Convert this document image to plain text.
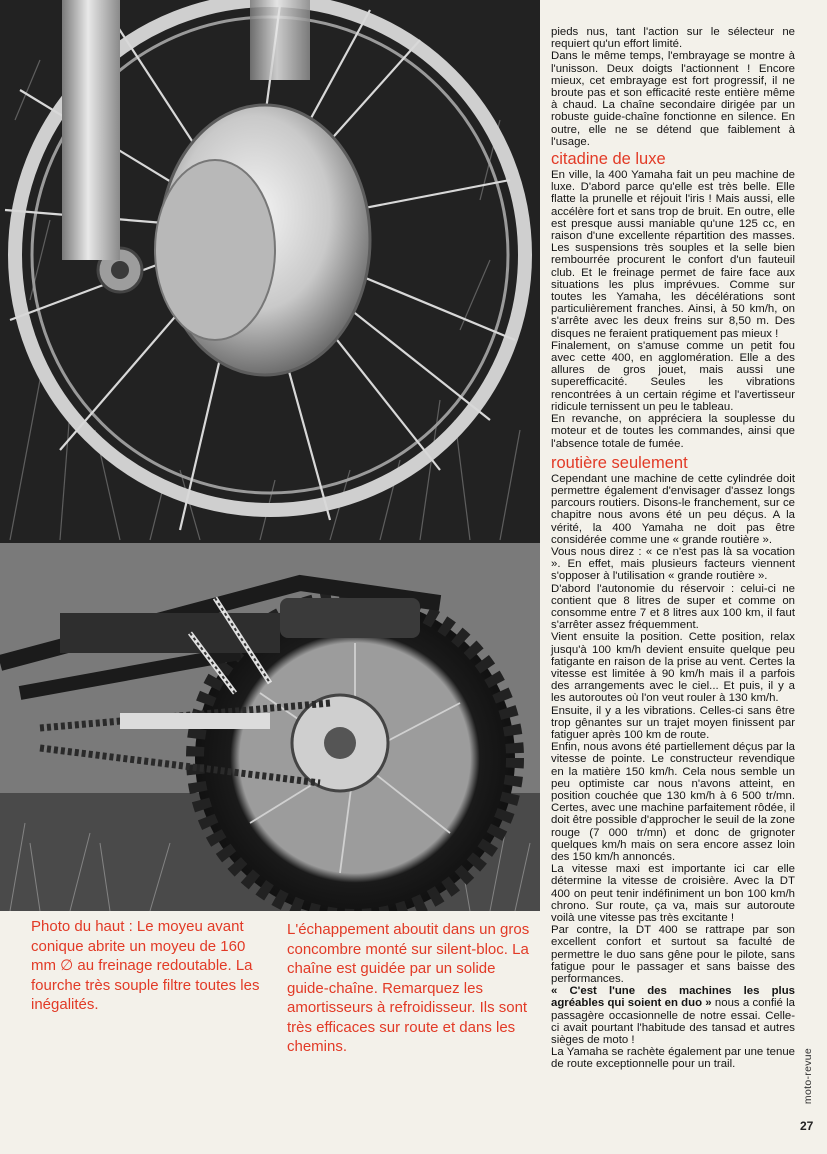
pieds nus, tant l'action sur le sélecteur ne requiert qu'un effort limité.

Dans le même temps, l'embrayage se montre à l'unisson. Deux doigts l'actionnent ! Encore mieux, cet embrayage est fort progressif, il ne broute pas et son efficacité reste entière même à chaud. La chaîne secondaire dirigée par un robuste guide-chaîne fonctionne en silence. En outre, elle ne se détend que faiblement à l'usage.

citadine de luxe

En ville, la 400 Yamaha fait un peu machine de luxe. D'abord parce qu'elle est très belle. Elle flatte la prunelle et réjouit l'iris ! Mais aussi, elle accélère fort et sans trop de bruit. En outre, elle est presque aussi maniable qu'une 125 cc, en raison d'une excellente répartition des masses. Les suspensions très souples et la selle bien rembourrée procurent le confort d'un fauteuil club. Et le freinage permet de faire face aux situations les plus imprévues. Comme sur toutes les Yamaha, les décélérations sont particulièrement franches. Ainsi, à 50 km/h, on s'arrête avec les deux freins sur 8,50 m. Des disques ne feraient pratiquement pas mieux !

Finalement, on s'amuse comme un petit fou avec cette 400, en agglomération. Elle a des allures de gros jouet, mais aussi une superefficacité. Seules les vibrations rencontrées à un certain régime et l'avertisseur ridicule ternissent un peu le tableau.

En revanche, on appréciera la souplesse du moteur et de toutes les commandes, ainsi que l'absence totale de fumée.

routière seulement

Cependant une machine de cette cylindrée doit permettre également d'envisager d'assez longs parcours routiers. Disons-le franchement, sur ce chapitre nous avons été un peu déçus. A la vérité, la 400 Yamaha ne doit pas être considérée comme une « grande routière ».

Vous nous direz : « ce n'est pas là sa vocation ». En effet, mais plusieurs facteurs viennent s'opposer à l'utilisation « grande routière ».

D'abord l'autonomie du réservoir : celui-ci ne contient que 8 litres de super et comme on consomme entre 7 et 8 litres aux 100 km, il faut s'arrêter assez fréquemment.

Vient ensuite la position. Cette position, relax jusqu'à 100 km/h devient ensuite quelque peu fatigante en raison de la prise au vent. Certes la vitesse est limitée à 90 km/h mais il a parfois des arrangements avec le ciel... Et puis, il y a les autoroutes où l'on veut rouler à 130 km/h.

Ensuite, il y a les vibrations. Celles-ci sans être trop gênantes sur un trajet moyen finissent par fatiguer après 100 km de route.

Enfin, nous avons été partiellement déçus par la vitesse de pointe. Le constructeur revendique en la matière 150 km/h. Cela nous semble un peu optimiste car nous n'avons atteint, en position couchée que 130 km/h à 6 500 tr/mn. Certes, avec une machine parfaitement rôdée, il doit être possible d'approcher le seuil de la zone rouge (7 000 tr/mn) et donc de grignoter quelques km/h mais on sera encore assez loin des 150 km/h annoncés.

La vitesse maxi est importante ici car elle détermine la vitesse de croisière. Avec la DT 400 on peut tenir indéfiniment un bon 100 km/h chrono. Sur route, ça va, mais sur autoroute voilà une vitesse pas très excitante !

Par contre, la DT 400 se rattrape par son excellent confort et surtout sa faculté de permettre le duo sans gêne pour le pilote, sans fatigue pour le passager et sans baisse des performances.

« C'est l'une des machines les plus agréables qui soient en duo » nous a confié la passagère occasionnelle de notre essai. Celle-ci avait pourtant l'habitude des tansad et autres sièges de moto !

La Yamaha se rachète également par une tenue de route exceptionnelle pour un trail.

Photo du haut : Le moyeu avant conique abrite un moyeu de 160 mm ∅ au freinage redoutable. La fourche très souple filtre toutes les inégalités.
L'échappement aboutit dans un gros concombre monté sur silent-bloc. La chaîne est guidée par un solide guide-chaîne. Remarquez les amortisseurs à refroidisseur. Ils sont très efficaces sur route et dans les chemins.
moto-revue
27
